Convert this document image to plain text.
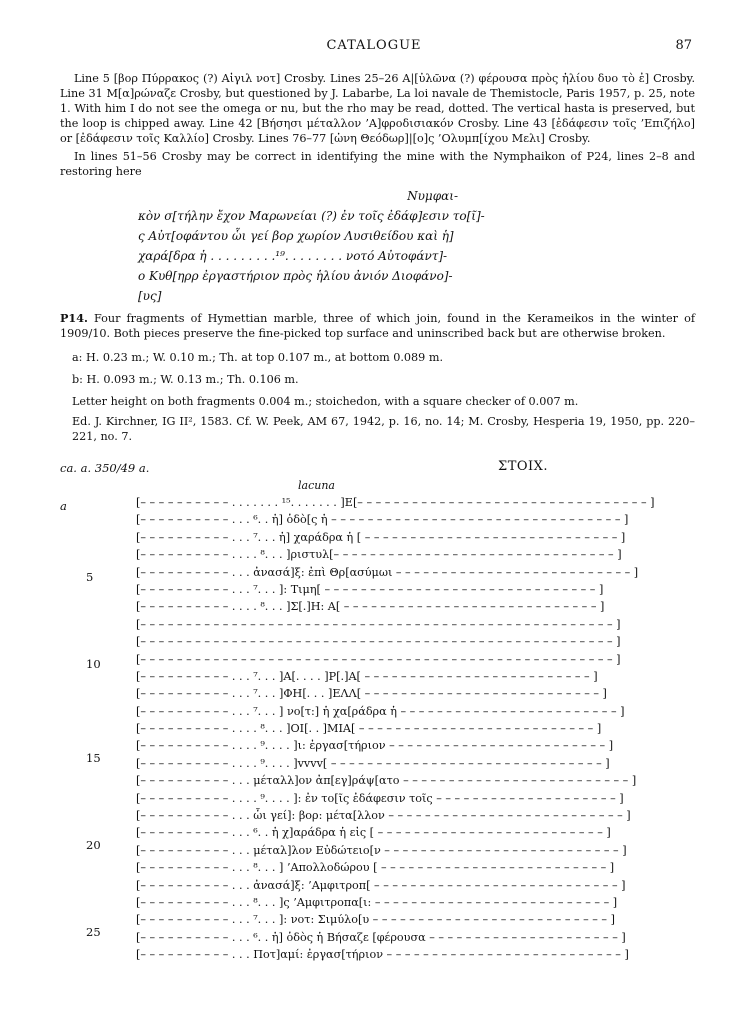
CATALOGUE	87
Line 5 [βορ Πύρρακος (?) Αἰγιλ νοτ] Crosby. Lines 25–26 Α|[ὐλῶνα (?) φέρουσα πρὸς ἡλίου δυο τὸ ἐ] Crosby. Line 31 Μ[α]ρώναζε Crosby, but questioned by J. Labarbe, La loi navale de Themistocle, Paris 1957, p. 25, note 1. With him I do not see the omega or nu, but the rho may be read, dotted. The vertical hasta is preserved, but the loop is chipped away. Line 42 [Βήσησι μέταλλον ’Α]φροδισιακόν Crosby. Line 43 [ἐδάφεσιν τοῖς ’Επιζήλο] or [ἐδάφεσιν τοῖς Καλλίο] Crosby. Lines 76–77 [ὠνη Θεόδωρ]|[ο]ς ’Ολυμπ[ίχου Μελι] Crosby.
In lines 51–56 Crosby may be correct in identifying the mine with the Nymphaikon of P24, lines 2–8 and restoring here
Νυμφαι-
κὸν σ[τήλην ἔχον Μαρωνείαι (?) ἐν τοῖς ἐδάφ]εσιν το[ῖ]-
ς Αὐτ[οφάντου ὧι γεί βορ χωρίον Λυσιθείδου καὶ ἡ]
χαρά[δρα ἡ . . . . . . . . .¹⁹. . . . . . . . νοτό Αὐτοφάντ]-
ο Κυθ[ηρρ ἐργαστήριον πρὸς ἡλίου ἀνιόν Διοφάνο]-
[υς]
P14. Four fragments of Hymettian marble, three of which join, found in the Kerameikos in the winter of 1909/10. Both pieces preserve the fine-picked top surface and uninscribed back but are otherwise broken.
a: H. 0.23 m.; W. 0.10 m.; Th. at top 0.107 m., at bottom 0.089 m.
b: H. 0.093 m.; W. 0.13 m.; Th. 0.106 m.
Letter height on both fragments 0.004 m.; stoichedon, with a square checker of 0.007 m.
Ed. J. Kirchner, IG II², 1583. Cf. W. Peek, AM 67, 1942, p. 16, no. 14; M. Crosby, Hesperia 19, 1950, pp. 220–221, no. 7.
ca. a. 350/49 a.	ΣΤΟΙΧ.
lacuna
a
5
10
15
20
25
[– – – – – – – – – – . . . . . . . ¹⁵. . . . . . . ]Ε[– – – – – – – – – – – – – – – – – – – – – – – – – – – – – – – – ]
[– – – – – – – – – – . . . ⁶. . ἡ] ὁδὸ[ς ἡ – – – – – – – – – – – – – – – – – – – – – – – – – – – – – – – – ]
[– – – – – – – – – – . . . ⁷. . . ἡ] χαράδρα ἡ [ – – – – – – – – – – – – – – – – – – – – – – – – – – – – ]
[– – – – – – – – – – . . . . ⁸. . . ]ριστυλ[– – – – – – – – – – – – – – – – – – – – – – – – – – – – – – – ]
[– – – – – – – – – – . . . ἀνασά]ξ: ἐπὶ Θρ[ασύμωι – – – – – – – – – – – – – – – – – – – – – – – – – – ]
[– – – – – – – – – – . . . ⁷. . . ]: Τιμη[ – – – – – – – – – – – – – – – – – – – – – – – – – – – – – – ]
[– – – – – – – – – – . . . . ⁸. . . ]Σ[.]Η: Α[ – – – – – – – – – – – – – – – – – – – – – – – – – – – – ]
[– – – – – – – – – – – – – – – – – – – – – – – – – – – – – – – – – – – – – – – – – – – – – – – – – – – – ]
[– – – – – – – – – – – – – – – – – – – – – – – – – – – – – – – – – – – – – – – – – – – – – – – – – – – – ]
[– – – – – – – – – – – – – – – – – – – – – – – – – – – – – – – – – – – – – – – – – – – – – – – – – – – – ]
[– – – – – – – – – – . . . ⁷. . . ]Α[. . . . ]Ρ[.]Α[ – – – – – – – – – – – – – – – – – – – – – – – – – ]
[– – – – – – – – – – . . . ⁷. . . ]ΦΗ[. . . ]ΕΛΛ[ – – – – – – – – – – – – – – – – – – – – – – – – – – ]
[– – – – – – – – – – . . . ⁷. . . ] νο[τ:] ἡ χα[ράδρα ἡ – – – – – – – – – – – – – – – – – – – – – – – – ]
[– – – – – – – – – – . . . . ⁸. . . ]ΟΙ[. . ]ΜΙΑ[ – – – – – – – – – – – – – – – – – – – – – – – – – – ]
[– – – – – – – – – – . . . . ⁹. . . . ]ι: ἐργασ[τήριον – – – – – – – – – – – – – – – – – – – – – – – – ]
[– – – – – – – – – – . . . . ⁹. . . . ]vvvv[ – – – – – – – – – – – – – – – – – – – – – – – – – – – – – – ]
[– – – – – – – – – – . . . μέταλλ]ον ἀπ[εγ]ράψ[ατο – – – – – – – – – – – – – – – – – – – – – – – – – ]
[– – – – – – – – – – . . . . ⁹. . . . ]: ἐν το[ῖς ἐδάφεσιν τοῖς – – – – – – – – – – – – – – – – – – – – ]
[– – – – – – – – – – . . . ὧι γεί]: βορ: μέτα[λλον – – – – – – – – – – – – – – – – – – – – – – – – – – ]
[– – – – – – – – – – . . . ⁶. . ἡ χ]αράδρα ἡ εἰς [ – – – – – – – – – – – – – – – – – – – – – – – – – ]
[– – – – – – – – – – . . . μέταλ]λον Εὐδώτειο[ν – – – – – – – – – – – – – – – – – – – – – – – – – – ]
[– – – – – – – – – – . . . ⁸. . . ] ’Απολλοδώρου [ – – – – – – – – – – – – – – – – – – – – – – – – – ]
[– – – – – – – – – – . . . ἀνασά]ξ: ’Αμφιτροπ[ – – – – – – – – – – – – – – – – – – – – – – – – – – – ]
[– – – – – – – – – – . . . ⁸. . . ]ς ’Αμφιτροπα[ι: – – – – – – – – – – – – – – – – – – – – – – – – – – ]
[– – – – – – – – – – . . . ⁷. . . ]: νοτ: Σιμύλο[υ – – – – – – – – – – – – – – – – – – – – – – – – – – ]
[– – – – – – – – – – . . . ⁶. . ἡ] ὁδὸς ἡ Βήσαζε [φέρουσα – – – – – – – – – – – – – – – – – – – – – ]
[– – – – – – – – – – . . . Ποτ]αμί: ἐργασ[τήριον – – – – – – – – – – – – – – – – – – – – – – – – – – ]
